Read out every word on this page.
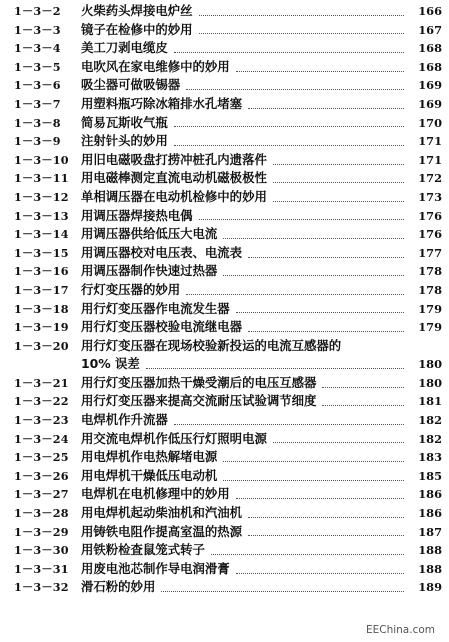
1－3－2	火柴药头焊接电炉丝	166
1－3－3	镜子在检修中的妙用	167
1－3－4	美工刀剥电缆皮	168
1－3－5	电吹风在家电维修中的妙用	168
1－3－6	吸尘器可做吸锡器	169
1－3－7	用塑料瓶巧除冰箱排水孔堵塞	169
1－3－8	简易瓦斯收气瓶	170
1－3－9	注射针头的妙用	171
1－3－10 用旧电磁吸盘打捞冲桩孔内遗落件	171
1－3－11 用电磁棒测定直流电动机磁极极性	172
1－3－12 单相调压器在电动机检修中的妙用	173
1－3－13 用调压器焊接热电偶	176
1－3－14 用调压器供给低压大电流	176
1－3－15 用调压器校对电压表、电流表	177
1－3－16 用调压器制作快速过热器	178
1－3－17 行灯变压器的妙用	178
1－3－18 用行灯变压器作电流发生器	179
1－3－19 用行灯变压器校验电流继电器	179
1－3－20 用行灯变压器在现场校验新投运的电流互感器的
10% 误差	180
1－3－21 用行灯变压器加热干燥受潮后的电压互感器	180
1－3－22 用行灯变压器来提高交流耐压试验调节细度	181
1－3－23 电焊机作升流器	182
1－3－24 用交流电焊机作低压行灯照明电源	182
1－3－25 用电焊机作电热解堵电源	183
1－3－26 用电焊机干燥低压电动机	185
1－3－27 电焊机在电机修理中的妙用	186
1－3－28 用电焊机起动柴油机和汽油机	186
1－3－29 用铸铁电阻作提高室温的热源	187
1－3－30 用铁粉检查鼠笼式转子	188
1－3－31 用废电池芯制作导电润滑膏	188
1－3－32 滑石粉的妙用	189
EEChina.com
